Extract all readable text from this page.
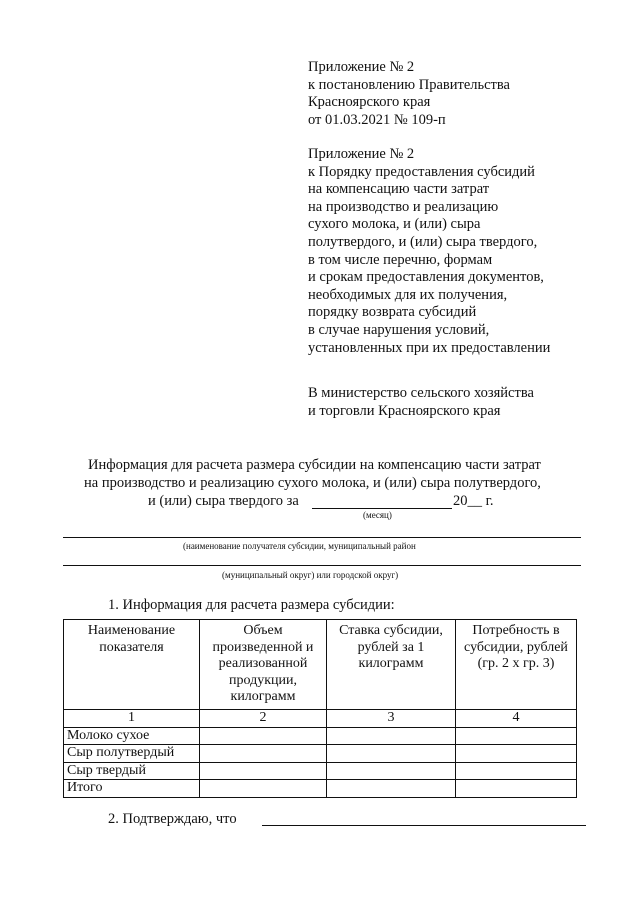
Приложение № 2
к постановлению Правительства
Красноярского края
от 01.03.2021 № 109-п
Приложение № 2
к Порядку предоставления субсидий
на компенсацию части затрат
на производство и реализацию
сухого молока, и (или) сыра
полутвердого, и (или) сыра твердого,
в том числе перечню, формам
и срокам предоставления документов,
необходимых для их получения,
порядку возврата субсидий
в случае нарушения условий,
установленных при их предоставлении
В министерство сельского хозяйства
и торговли Красноярского края
Информация для расчета размера субсидии на компенсацию части затрат
на производство и реализацию сухого молока, и (или) сыра полутвердого,
и (или) сыра твердого за	20__ г.
(месяц)
(наименование получателя субсидии, муниципальный район
(муниципальный округ) или городской округ)
1. Информация для расчета размера субсидии:
Наименование показателя	Объем произведенной и реализованной продукции, килограмм	Ставка субсидии, рублей за 1 килограмм	Потребность в субсидии, рублей (гр. 2 х гр. 3)
1	2	3	4
Молоко сухое			
Сыр полутвердый			
Сыр твердый			
Итого			
2. Подтверждаю, что
